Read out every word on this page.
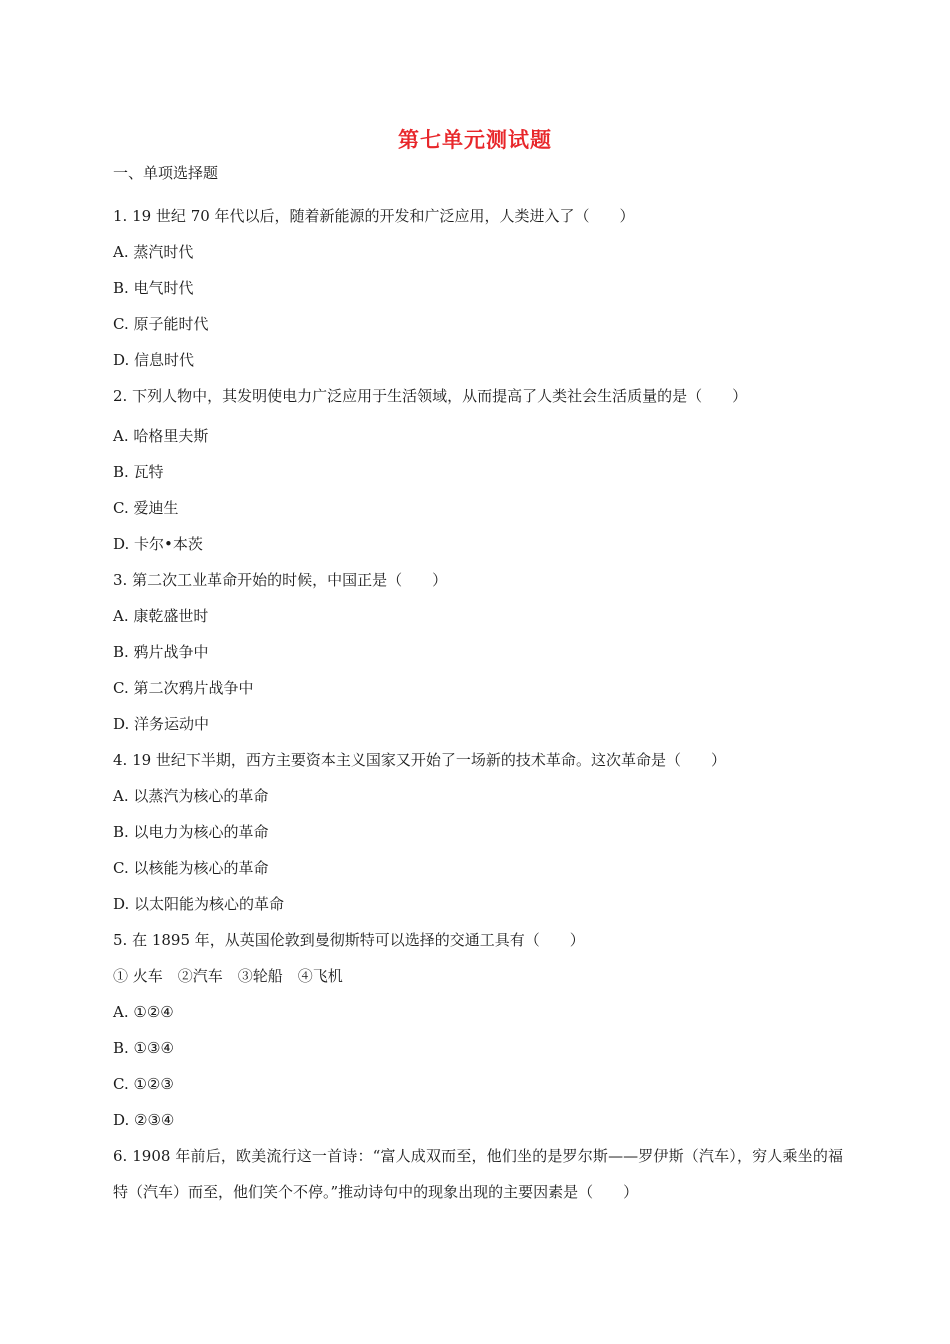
第七单元测试题
一、单项选择题
1. 19 世纪 70 年代以后，随着新能源的开发和广泛应用，人类进入了（　　）
A. 蒸汽时代
B. 电气时代
C. 原子能时代
D. 信息时代
2. 下列人物中，其发明使电力广泛应用于生活领域，从而提高了人类社会生活质量的是（　　）
A. 哈格里夫斯
B. 瓦特
C. 爱迪生
D. 卡尔•本茨
3. 第二次工业革命开始的时候，中国正是（　　）
A. 康乾盛世时
B. 鸦片战争中
C. 第二次鸦片战争中
D. 洋务运动中
4. 19 世纪下半期，西方主要资本主义国家又开始了一场新的技术革命。这次革命是（　　）
A. 以蒸汽为核心的革命
B. 以电力为核心的革命
C. 以核能为核心的革命
D. 以太阳能为核心的革命
5. 在 1895 年，从英国伦敦到曼彻斯特可以选择的交通工具有（　　）
① 火车　②汽车　③轮船　④飞机
A. ①②④
B. ①③④
C. ①②③
D. ②③④
6. 1908 年前后，欧美流行这一首诗：“富人成双而至，他们坐的是罗尔斯——罗伊斯（汽车），穷人乘坐的福特（汽车）而至，他们笑个不停。”推动诗句中的现象出现的主要因素是（　　）
